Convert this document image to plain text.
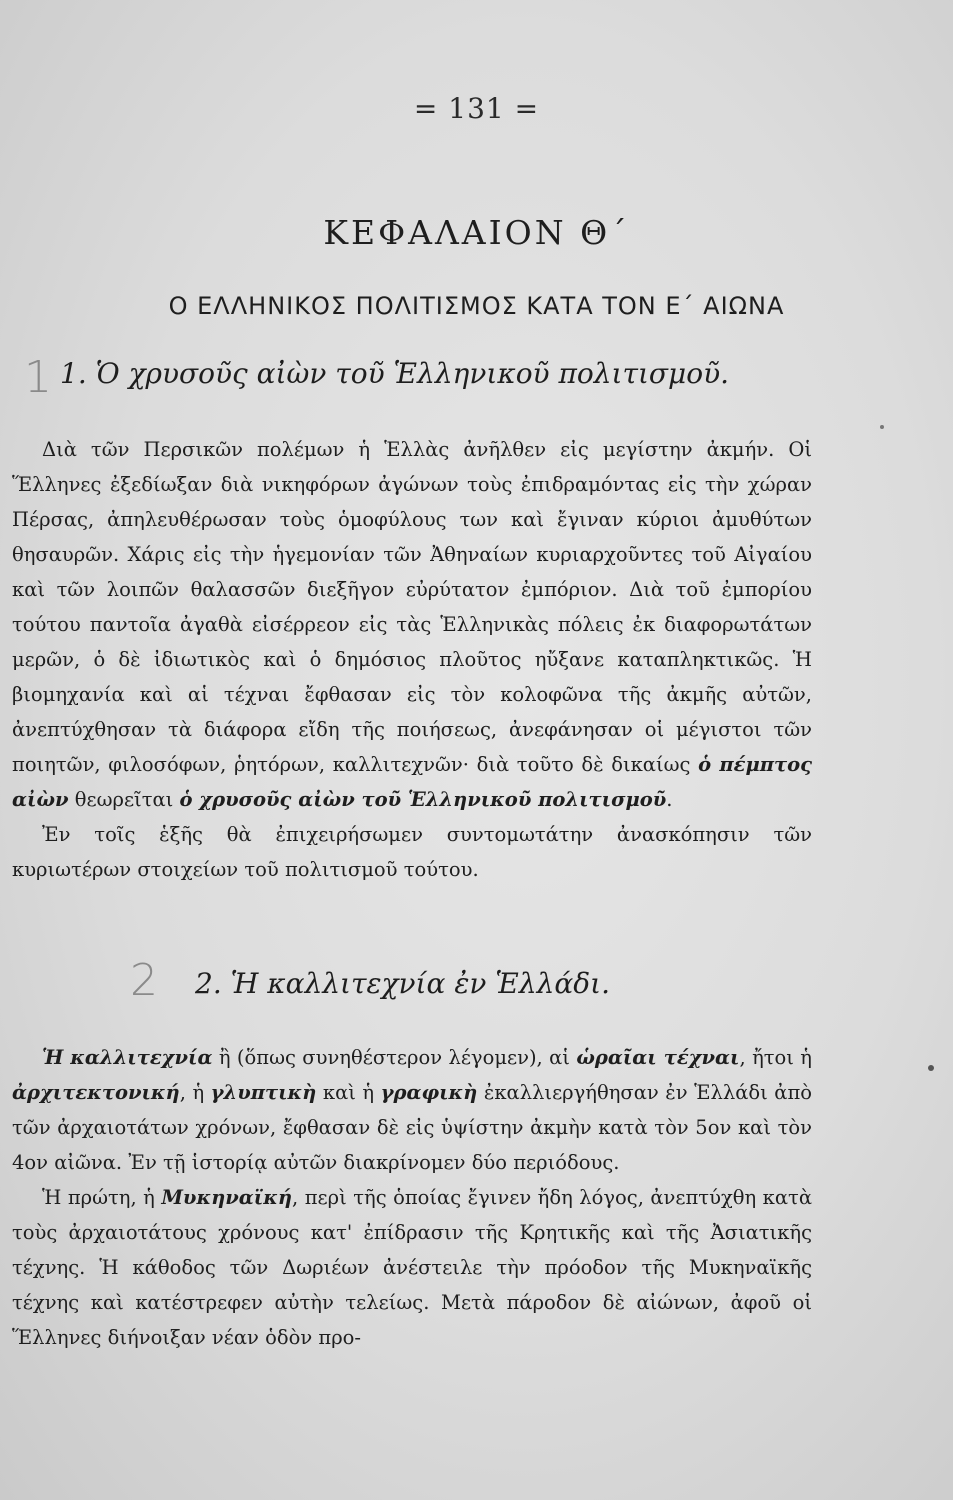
= 131 =
ΚΕΦΑΛΑΙΟΝ Θ΄
Ο ΕΛΛΗΝΙΚΟΣ ΠΟΛΙΤΙΣΜΟΣ ΚΑΤΑ ΤΟΝ Ε΄ ΑΙΩΝΑ
1 1. Ὁ χρυσοῦς αἰὼν τοῦ Ἑλληνικοῦ πολιτισμοῦ.

Διὰ τῶν Περσικῶν πολέμων ἡ Ἑλλὰς ἀνῆλθεν εἰς μεγίστην ἀκμήν. Οἱ Ἕλληνες ἐξεδίωξαν διὰ νικηφόρων ἀγώνων τοὺς ἐπιδραμόντας εἰς τὴν χώραν Πέρσας, ἀπηλευθέρωσαν τοὺς ὁμοφύλους των καὶ ἔγιναν κύριοι ἀμυθύτων θησαυρῶν. Χάρις εἰς τὴν ἡγεμονίαν τῶν Ἀθηναίων κυριαρχοῦντες τοῦ Αἰγαίου καὶ τῶν λοιπῶν θαλασσῶν διεξῆγον εὐρύτατον ἐμπόριον. Διὰ τοῦ ἐμπορίου τούτου παντοῖα ἀγαθὰ εἰσέρρεον εἰς τὰς Ἑλληνικὰς πόλεις ἐκ διαφορωτάτων μερῶν, ὁ δὲ ἰδιωτικὸς καὶ ὁ δημόσιος πλοῦτος ηὔξανε καταπληκτικῶς. Ἡ βιομηχανία καὶ αἱ τέχναι ἔφθασαν εἰς τὸν κολοφῶνα τῆς ἀκμῆς αὐτῶν, ἀνεπτύχθησαν τὰ διάφορα εἴδη τῆς ποιήσεως, ἀνεφάνησαν οἱ μέγιστοι τῶν ποιητῶν, φιλοσόφων, ῥητόρων, καλλιτεχνῶν· διὰ τοῦτο δὲ δικαίως ὁ πέμπτος αἰὼν θεωρεῖται ὁ χρυσοῦς αἰὼν τοῦ Ἑλληνικοῦ πολιτισμοῦ.

Ἐν τοῖς ἑξῆς θὰ ἐπιχειρήσωμεν συντομωτάτην ἀνασκόπησιν τῶν κυριωτέρων στοιχείων τοῦ πολιτισμοῦ τούτου.

2 2. Ἡ καλλιτεχνία ἐν Ἑλλάδι.

Ἡ καλλιτεχνία ἢ (ὅπως συνηθέστερον λέγομεν), αἱ ὡραῖαι τέχναι, ἤτοι ἡ ἀρχιτεκτονική, ἡ γλυπτικὴ καὶ ἡ γραφικὴ ἐκαλλιεργήθησαν ἐν Ἑλλάδι ἀπὸ τῶν ἀρχαιοτάτων χρόνων, ἔφθασαν δὲ εἰς ὑψίστην ἀκμὴν κατὰ τὸν 5ον καὶ τὸν 4ον αἰῶνα. Ἐν τῇ ἱστορίᾳ αὐτῶν διακρίνομεν δύο περιόδους.

Ἡ πρώτη, ἡ Μυκηναϊκή, περὶ τῆς ὁποίας ἔγινεν ἤδη λόγος, ἀνεπτύχθη κατὰ τοὺς ἀρχαιοτάτους χρόνους κατ' ἐπίδρασιν τῆς Κρητικῆς καὶ τῆς Ἀσιατικῆς τέχνης. Ἡ κάθοδος τῶν Δωριέων ἀνέστειλε τὴν πρόοδον τῆς Μυκηναϊκῆς τέχνης καὶ κατέστρεφεν αὐτὴν τελείως. Μετὰ πάροδον δὲ αἰώνων, ἀφοῦ οἱ Ἕλληνες διήνοιξαν νέαν ὁδὸν προ-
